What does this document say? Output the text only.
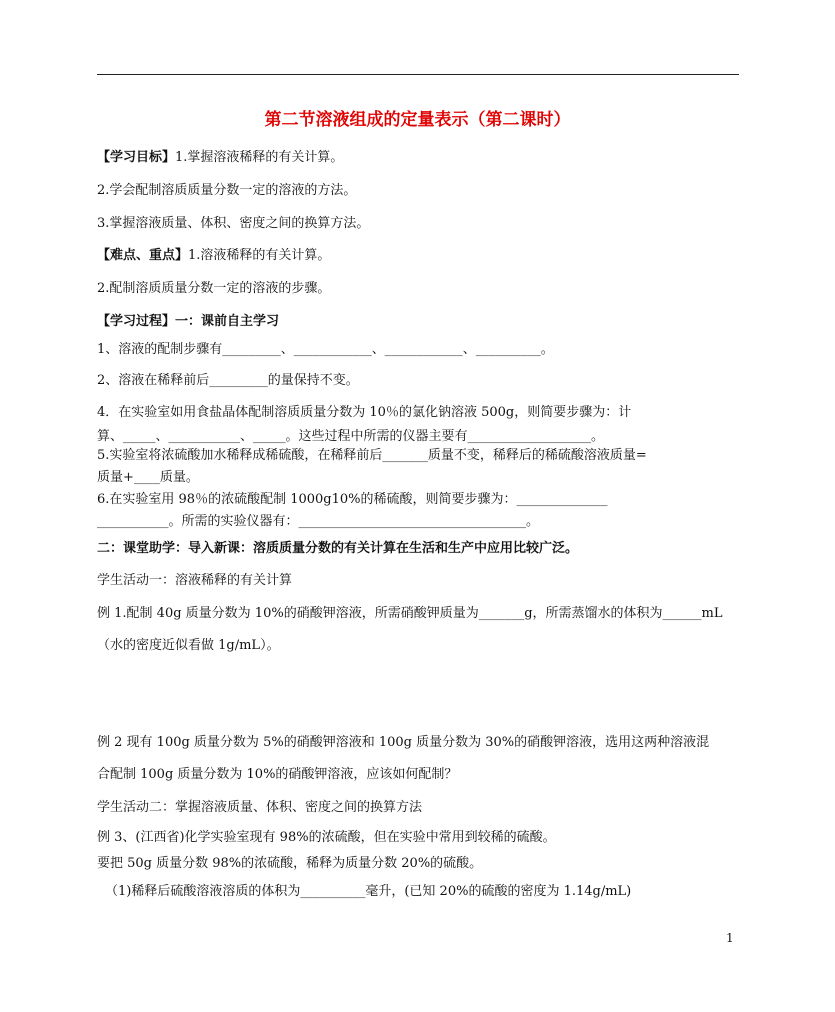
第二节溶液组成的定量表示（第二课时）
【学习目标】1.掌握溶液稀释的有关计算。
2.学会配制溶质质量分数一定的溶液的方法。
3.掌握溶液质量、体积、密度之间的换算方法。
【难点、重点】1.溶液稀释的有关计算。
2.配制溶质质量分数一定的溶液的步骤。
【学习过程】一：课前自主学习
1、溶液的配制步骤有_________、____________、____________、__________。
2、溶液在稀释前后_________的量保持不变。
4．在实验室如用食盐晶体配制溶质质量分数为 10％的氯化钠溶液 500g，则简要步骤为：计
算、_____、___________、_____。这些过程中所需的仪器主要有___________________。
5.实验室将浓硫酸加水稀释成稀硫酸，在稀释前后_______质量不变，稀释后的稀硫酸溶液质量=
质量+____质量。
6.在实验室用 98％的浓硫酸配制 1000g10%的稀硫酸，则简要步骤为：______________
___________。所需的实验仪器有：___________________________________。
二：课堂助学：导入新课：溶质质量分数的有关计算在生活和生产中应用比较广泛。
学生活动一：溶液稀释的有关计算
例 1.配制 40g 质量分数为 10%的硝酸钾溶液，所需硝酸钾质量为_______g，所需蒸馏水的体积为______mL
（水的密度近似看做 1g/mL）。
例 2 现有 100g 质量分数为 5%的硝酸钾溶液和 100g 质量分数为 30%的硝酸钾溶液，选用这两种溶液混
合配制 100g 质量分数为 10%的硝酸钾溶液，应该如何配制？
学生活动二：掌握溶液质量、体积、密度之间的换算方法
例 3、(江西省)化学实验室现有 98%的浓硫酸，但在实验中常用到较稀的硫酸。
要把 50g 质量分数 98%的浓硫酸，稀释为质量分数 20%的硫酸。
（1)稀释后硫酸溶液溶质的体积为__________毫升，(已知 20%的硫酸的密度为 1.14g/mL)
1
